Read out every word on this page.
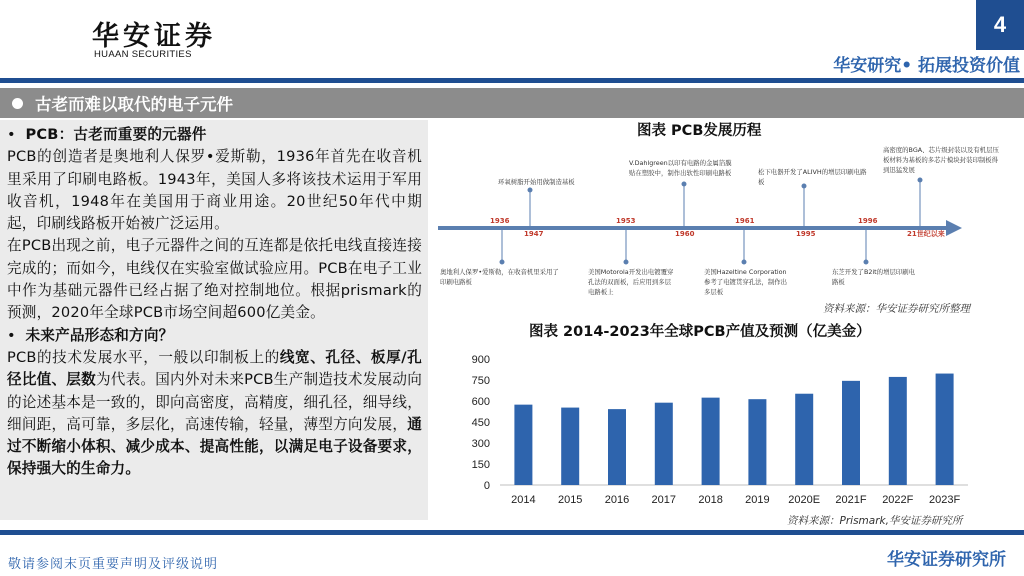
华安证券
HUAAN SECURITIES
4
华安研究• 拓展投资价值
古老而难以取代的电子元件

•  PCB：古老而重要的元器件

PCB的创造者是奥地利人保罗•爱斯勒，1936年首先在收音机里采用了印刷电路板。1943年，美国人多将该技术运用于军用收音机，1948年在美国用于商业用途。20世纪50年代中期起，印刷线路板开始被广泛运用。

在PCB出现之前，电子元器件之间的互连都是依托电线直接连接完成的；而如今，电线仅在实验室做试验应用。PCB在电子工业中作为基础元器件已经占据了绝对控制地位。根据prismark的预测，2020年全球PCB市场空间超600亿美金。

•  未来产品形态和方向？

PCB的技术发展水平，一般以印制板上的线宽、孔径、板厚/孔径比值、层数为代表。国内外对未来PCB生产制造技术发展动向的论述基本是一致的，即向高密度，高精度，细孔径，细导线，细间距，高可靠，多层化，高速传输，轻量，薄型方向发展，通过不断缩小体积、减少成本、提高性能，以满足电子设备要求，保持强大的生命力。

图表 PCB发展历程
1936
1947
1953
1960
1961
1995
1996
21世纪以来
奥地利人保罗•爱斯勒，在收音机里采用了印刷电路板
环氧树脂开始用做制造基板
美国Motorola开发出电镀覆穿孔法的双面板，后应用到多层电路板上
V.Dahlgreen以印有电路的金属箔膜贴在塑胶中，制作出软性印刷电路板
美国Hazeltine Corporation参考了电镀贯穿孔法，制作出多层板
松下电器开发了ALIVH的增层印刷电路板
东芝开发了B2it的增层印刷电路板
高密度的BGA、芯片级封装以及有机层压板材料为基板的多芯片模块封装印制板得到迅猛发展
资料来源：华安证券研究所整理
图表 2014-2023年全球PCB产值及预测（亿美金）
0
150
300
450
600
750
900
2014 2015 2016 2017 2018 2019 2020E 2021F 2022F 2023F
资料来源：Prismark,华安证券研究所
敬请参阅末页重要声明及评级说明	华安证券研究所
